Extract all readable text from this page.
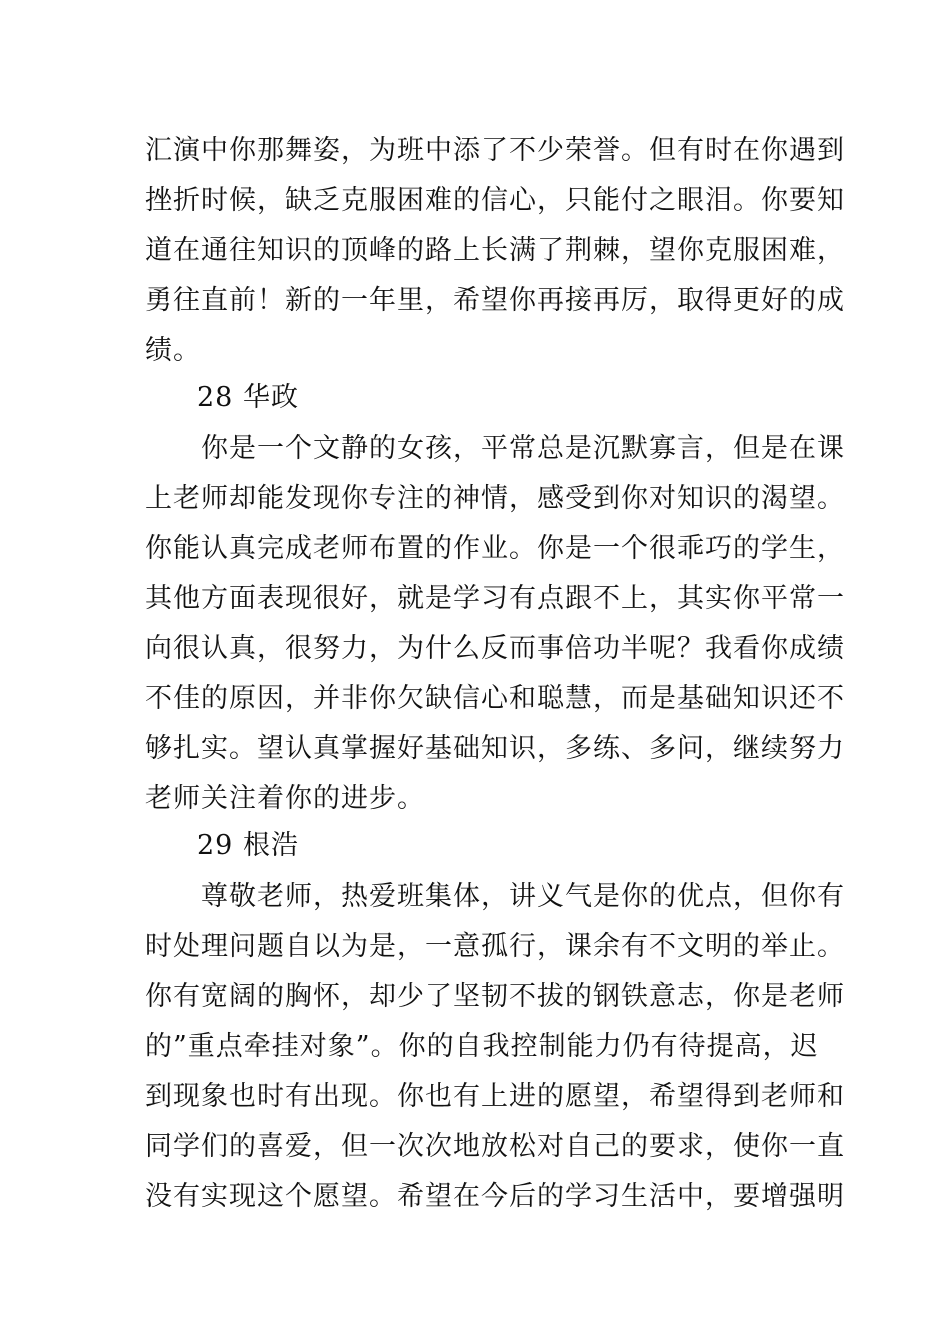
汇演中你那舞姿，为班中添了不少荣誉。但有时在你遇到
挫折时候，缺乏克服困难的信心，只能付之眼泪。你要知
道在通往知识的顶峰的路上长满了荆棘，望你克服困难，
勇往直前！新的一年里，希望你再接再厉，取得更好的成
绩。
28 华政
你是一个文静的女孩，平常总是沉默寡言，但是在课
上老师却能发现你专注的神情，感受到你对知识的渴望。
你能认真完成老师布置的作业。你是一个很乖巧的学生，
其他方面表现很好，就是学习有点跟不上，其实你平常一
向很认真，很努力，为什么反而事倍功半呢？我看你成绩
不佳的原因，并非你欠缺信心和聪慧，而是基础知识还不
够扎实。望认真掌握好基础知识，多练、多问，继续努力
老师关注着你的进步。
29 根浩
尊敬老师，热爱班集体，讲义气是你的优点，但你有
时处理问题自以为是，一意孤行，课余有不文明的举止。
你有宽阔的胸怀，却少了坚韧不拔的钢铁意志，你是老师
的”重点牵挂对象”。你的自我控制能力仍有待提高，迟
到现象也时有出现。你也有上进的愿望，希望得到老师和
同学们的喜爱，但一次次地放松对自己的要求，使你一直
没有实现这个愿望。希望在今后的学习生活中，要增强明
